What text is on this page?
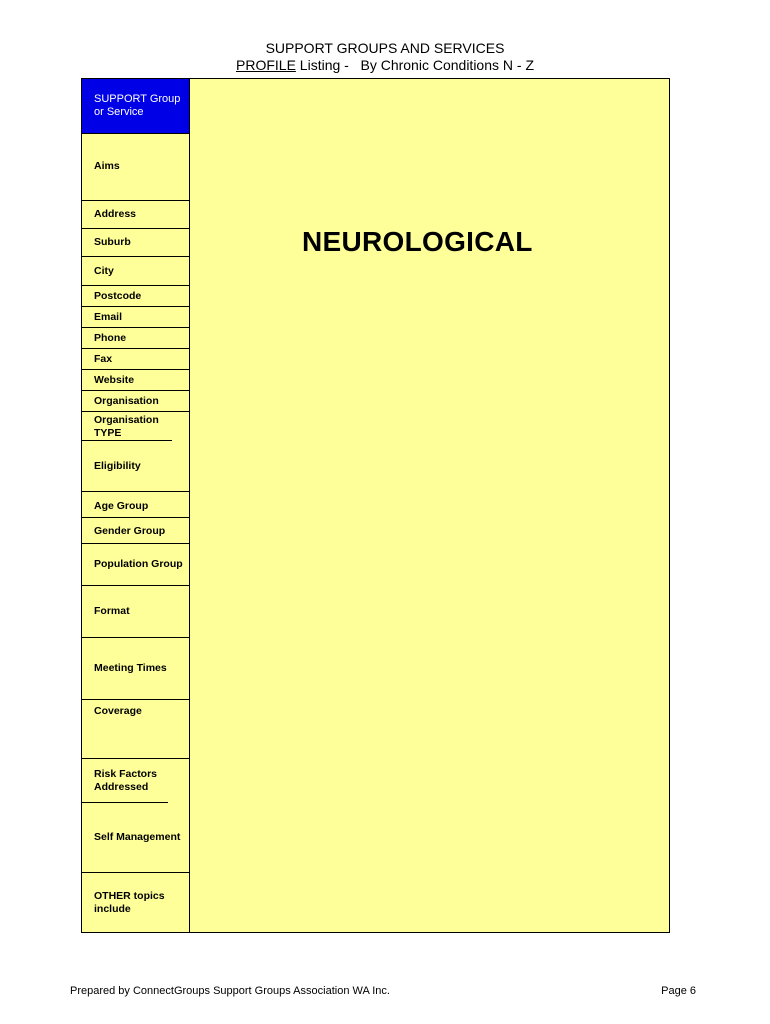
SUPPORT GROUPS AND SERVICES
PROFILE Listing -   By Chronic Conditions N - Z
SUPPORT Group or Service
Aims
Address
Suburb
City
Postcode
Email
Phone
Fax
Website
Organisation
Organisation TYPE
Eligibility
Age Group
Gender Group
Population Group
Format
Meeting Times
Coverage
Risk Factors Addressed
Self Management
OTHER topics include
NEUROLOGICAL
Prepared by ConnectGroups Support Groups Association WA Inc.	Page 6
